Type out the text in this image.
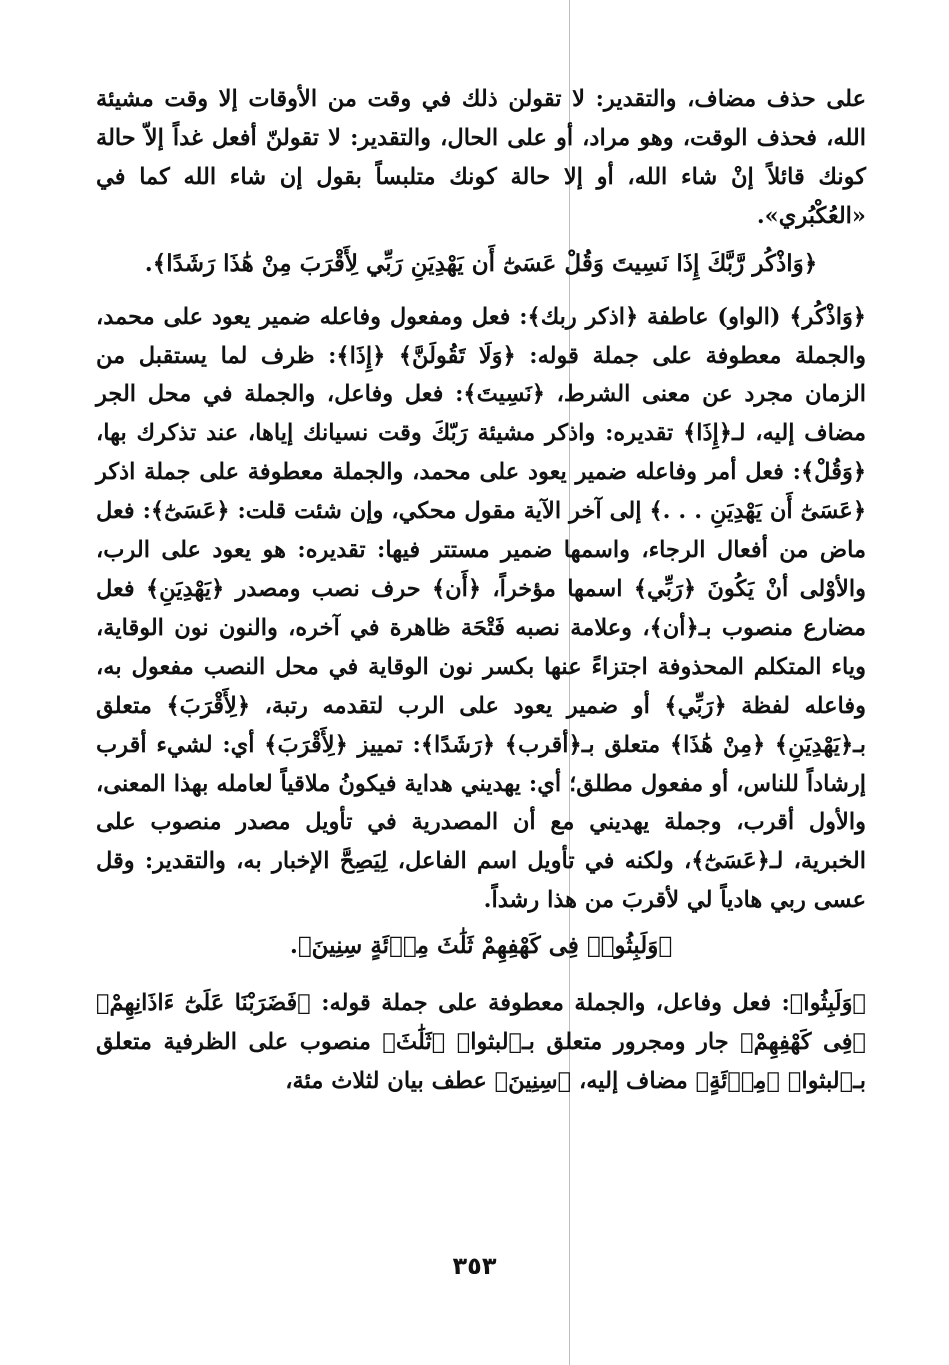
على حذف مضاف، والتقدير: لا تقولن ذلك في وقت من الأوقات إلا وقت مشيئة الله، فحذف الوقت، وهو مراد، أو على الحال، والتقدير: لا تقولنّ أفعل غداً إلاّ حالة كونك قائلاً إنْ شاء الله، أو إلا حالة كونك متلبساً بقول إن شاء الله كما في «العُكْبُري».

﴿وَاذْكُر رَّبَّكَ إِذَا نَسِيتَ وَقُلْ عَسَىٰٓ أَن يَهْدِيَنِ رَبِّي لِأَقْرَبَ مِنْ هَٰذَا رَشَدًا﴾.

﴿وَاذْكُر﴾ (الواو) عاطفة ﴿اذكر ربك﴾: فعل ومفعول وفاعله ضمير يعود على محمد، والجملة معطوفة على جملة قوله: ﴿وَلَا تَقُولَنَّ﴾ ﴿إِذَا﴾: ظرف لما يستقبل من الزمان مجرد عن معنى الشرط، ﴿نَسِيتَ﴾: فعل وفاعل، والجملة في محل الجر مضاف إليه، لـ﴿إِذَا﴾ تقديره: واذكر مشيئة رَبّكَ وقت نسيانك إياها، عند تذكرك بها، ﴿وَقُلْ﴾: فعل أمر وفاعله ضمير يعود على محمد، والجملة معطوفة على جملة اذكر ﴿عَسَىٰٓ أَن يَهْدِيَنِ . . .﴾ إلى آخر الآية مقول محكي، وإن شئت قلت: ﴿عَسَىٰٓ﴾: فعل ماض من أفعال الرجاء، واسمها ضمير مستتر فيها: تقديره: هو يعود على الرب، والأوْلى أنْ يَكُونَ ﴿رَبِّي﴾ اسمها مؤخراً، ﴿أَن﴾ حرف نصب ومصدر ﴿يَهْدِيَنِ﴾ فعل مضارع منصوب بـ﴿أن﴾، وعلامة نصبه فَتْحَة ظاهرة في آخره، والنون نون الوقاية، وياء المتكلم المحذوفة اجتزاءً عنها بكسر نون الوقاية في محل النصب مفعول به، وفاعله لفظة ﴿رَبِّي﴾ أو ضمير يعود على الرب لتقدمه رتبة، ﴿لِأَقْرَبَ﴾ متعلق بـ﴿يَهْدِيَنِ﴾ ﴿مِنْ هَٰذَا﴾ متعلق بـ﴿أقرب﴾ ﴿رَشَدًا﴾: تمييز ﴿لِأَقْرَبَ﴾ أي: لشيء أقرب إرشاداً للناس، أو مفعول مطلق؛ أي: يهديني هداية فيكونُ ملاقياً لعامله بهذا المعنى، والأول أقرب، وجملة يهديني مع أن المصدرية في تأويل مصدر منصوب على الخبرية، لـ﴿عَسَىٰٓ﴾، ولكنه في تأويل اسم الفاعل، لِيَصِحَّ الإخبار به، والتقدير: وقل عسى ربي هادياً لي لأقربَ من هذا رشداً.

﴿وَلَبِثُوا۟ فِى كَهْفِهِمْ ثَلَٰثَ مِا۟ئَةٍ سِنِينَ﴾.

﴿وَلَبِثُوا﴾: فعل وفاعل، والجملة معطوفة على جملة قوله: ﴿فَضَرَبْنَا عَلَىٰٓ ءَاذَانِهِمْ﴾ ﴿فِى كَهْفِهِمْ﴾ جار ومجرور متعلق بـ﴿لبثوا﴾ ﴿ثَلَٰثَ﴾ منصوب على الظرفية متعلق بـ﴿لبثوا﴾ ﴿مِا۟ئَةٍ﴾ مضاف إليه، ﴿سِنِينَ﴾ عطف بيان لثلاث مئة،

٣٥٣
